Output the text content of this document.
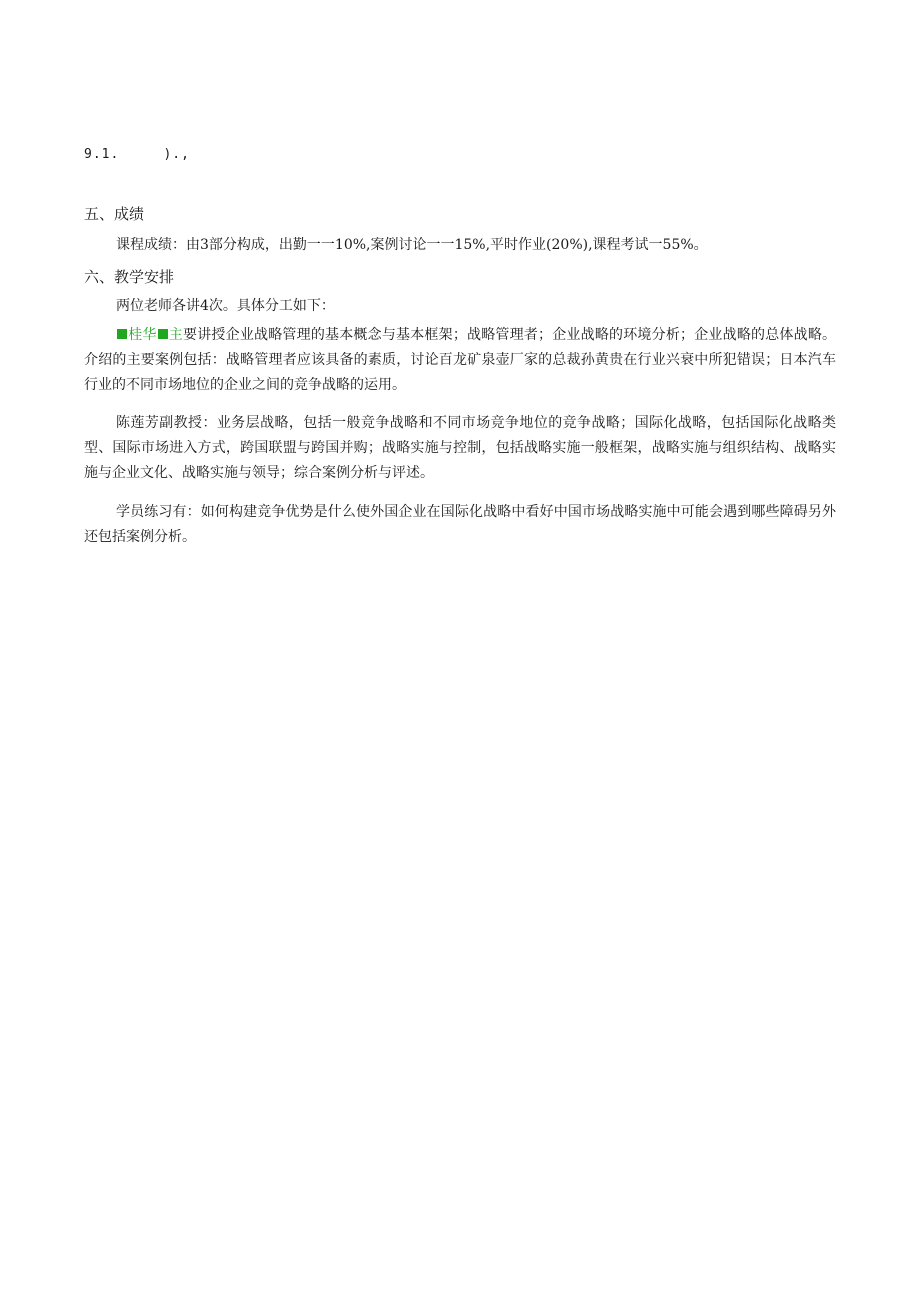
9.1.     ).,
五、成绩

课程成绩：由3部分构成，出勤一一10%,案例讨论一一15%,平时作业(20%),课程考试一55%。

六、教学安排

两位老师各讲4次。具体分工如下：

桂华 主要讲授企业战略管理的基本概念与基本框架；战略管理者；企业战略的环境分析；企业战略的总体战略。介绍的主要案例包括：战略管理者应该具备的素质，讨论百龙矿泉壶厂家的总裁孙黄贵在行业兴衰中所犯错误；日本汽车行业的不同市场地位的企业之间的竞争战略的运用。

陈莲芳副教授：业务层战略，包括一般竞争战略和不同市场竞争地位的竞争战略；国际化战略，包括国际化战略类型、国际市场进入方式，跨国联盟与跨国并购；战略实施与控制，包括战略实施一般框架，战略实施与组织结构、战略实施与企业文化、战略实施与领导；综合案例分析与评述。

学员练习有：如何构建竞争优势是什么使外国企业在国际化战略中看好中国市场战略实施中可能会遇到哪些障碍另外还包括案例分析。
